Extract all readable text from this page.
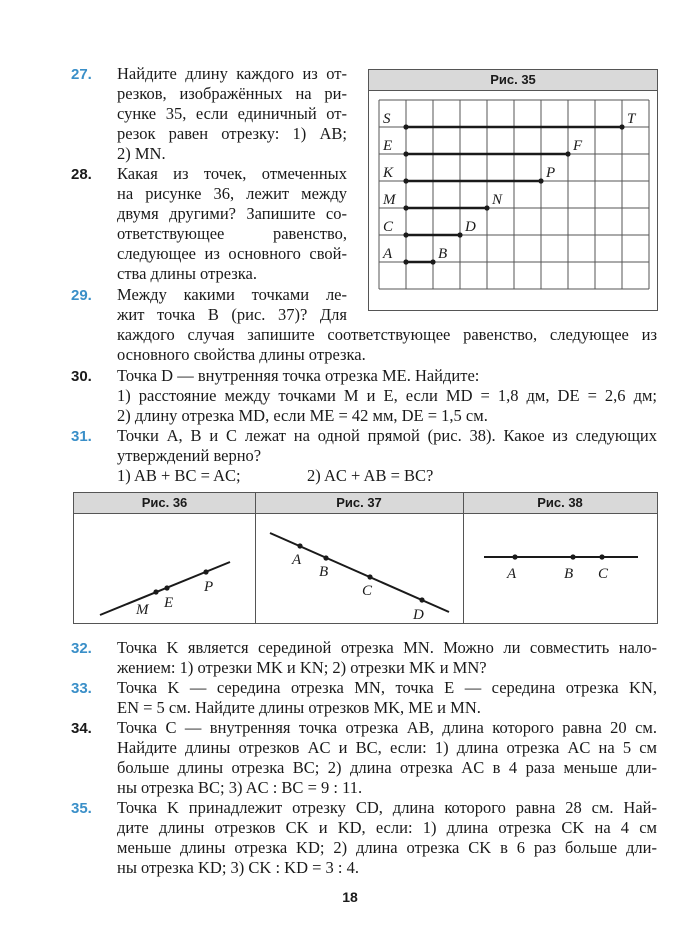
27. Найдите длину каждого из от-
резков, изображённых на ри-
сунке 35, если единичный от-
резок равен отрезку: 1) AB;
2) MN.
28. Какая из точек, отмеченных
на рисунке 36, лежит между
двумя другими? Запишите со-
ответствующее равенство,
следующее из основного свой-
ства длины отрезка.
29. Между какими точками ле-
жит точка B (рис. 37)? Для
каждого случая запишите соответствующее равенство, следующее из
основного свойства длины отрезка.
Рис. 35
S	T
E	F
K	P
M	N
C	D
A	B
30. Точка D — внутренняя точка отрезка ME. Найдите:
1) расстояние между точками M и E, если MD = 1,8 дм, DE = 2,6 дм;
2) длину отрезка MD, если ME = 42 мм, DE = 1,5 см.
31. Точки A, B и C лежат на одной прямой (рис. 38). Какое из следующих
утверждений верно?
1) AB + BC = AC;	2) AC + AB = BC?
Рис. 36	Рис. 37	Рис. 38
M E
P
A
B
C
D
A	B C
32. Точка K является серединой отрезка MN. Можно ли совместить нало-
жением: 1) отрезки MK и KN; 2) отрезки MK и MN?
33. Точка K — середина отрезка MN, точка E — середина отрезка KN,
EN = 5 см. Найдите длины отрезков MK, ME и MN.
34. Точка C — внутренняя точка отрезка AB, длина которого равна 20 см.
Найдите длины отрезков AC и BC, если: 1) длина отрезка AC на 5 см
больше длины отрезка BC; 2) длина отрезка AC в 4 раза меньше дли-
ны отрезка BC; 3) AC : BC = 9 : 11.
35. Точка K принадлежит отрезку CD, длина которого равна 28 см. Най-
дите длины отрезков CK и KD, если: 1) длина отрезка CK на 4 см
меньше длины отрезка KD; 2) длина отрезка CK в 6 раз больше дли-
ны отрезка KD; 3) CK : KD = 3 : 4.
18
